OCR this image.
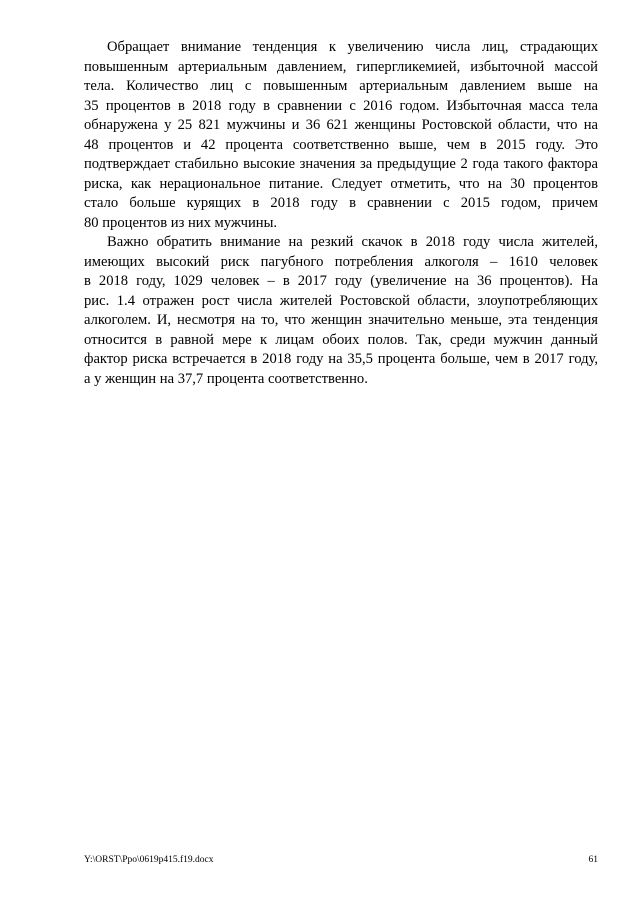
Обращает внимание тенденция к увеличению числа лиц, страдающих
повышенным артериальным давлением, гипергликемией, избыточной массой
тела. Количество лиц с повышенным артериальным давлением выше на
35 процентов в 2018 году в сравнении с 2016 годом. Избыточная масса тела
обнаружена у 25 821 мужчины и 36 621 женщины Ростовской области, что на
48 процентов и 42 процента соответственно выше, чем в 2015 году. Это
подтверждает стабильно высокие значения за предыдущие 2 года такого фактора
риска, как нерациональное питание. Следует отметить, что на 30 процентов
стало больше курящих в 2018 году в сравнении с 2015 годом, причем
80 процентов из них мужчины.
Важно обратить внимание на резкий скачок в 2018 году числа жителей,
имеющих высокий риск пагубного потребления алкоголя – 1610 человек
в 2018 году, 1029 человек – в 2017 году (увеличение на 36 процентов). На
рис. 1.4 отражен рост числа жителей Ростовской области, злоупотребляющих
алкоголем. И, несмотря на то, что женщин значительно меньше, эта тенденция
относится в равной мере к лицам обоих полов. Так, среди мужчин данный
фактор риска встречается в 2018 году на 35,5 процента больше, чем в 2017 году,
а у женщин на 37,7 процента соответственно.
Y:\ORST\Ppo\0619p415.f19.docx	61
